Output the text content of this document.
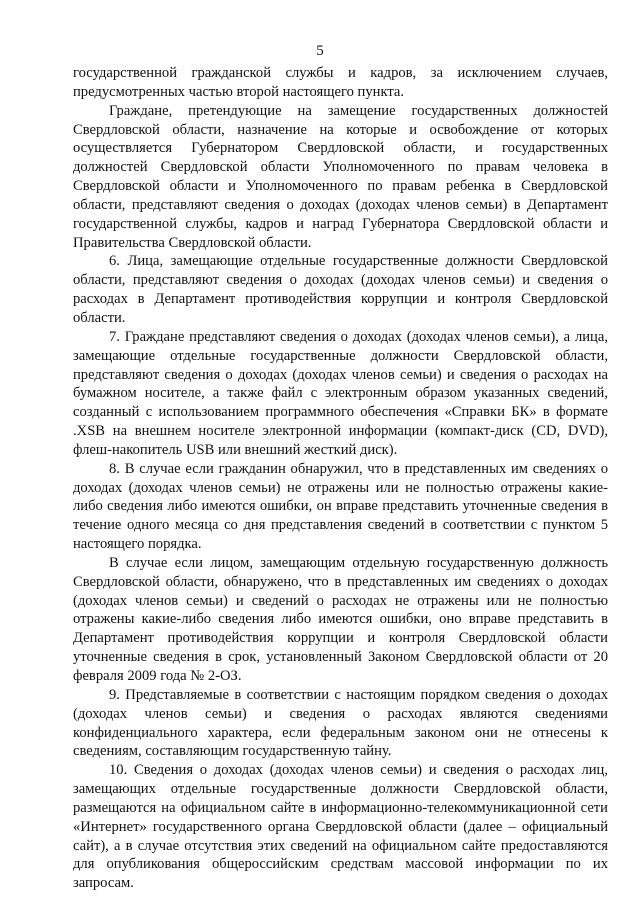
5

государственной гражданской службы и кадров, за исключением случаев, предусмотренных частью второй настоящего пункта.

Граждане, претендующие на замещение государственных должностей Свердловской области, назначение на которые и освобождение от которых осуществляется Губернатором Свердловской области, и государственных должностей Свердловской области Уполномоченного по правам человека в Свердловской области и Уполномоченного по правам ребенка в Свердловской области, представляют сведения о доходах (доходах членов семьи) в Департамент государственной службы, кадров и наград Губернатора Свердловской области и Правительства Свердловской области.

6. Лица, замещающие отдельные государственные должности Свердловской области, представляют сведения о доходах (доходах членов семьи) и сведения о расходах в Департамент противодействия коррупции и контроля Свердловской области.

7. Граждане представляют сведения о доходах (доходах членов семьи), а лица, замещающие отдельные государственные должности Свердловской области, представляют сведения о доходах (доходах членов семьи) и сведения о расходах на бумажном носителе, а также файл с электронным образом указанных сведений, созданный с использованием программного обеспечения «Справки БК» в формате .XSB на внешнем носителе электронной информации (компакт-диск (CD, DVD), флеш-накопитель USB или внешний жесткий диск).

8. В случае если гражданин обнаружил, что в представленных им сведениях о доходах (доходах членов семьи) не отражены или не полностью отражены какие-либо сведения либо имеются ошибки, он вправе представить уточненные сведения в течение одного месяца со дня представления сведений в соответствии с пунктом 5 настоящего порядка.

В случае если лицом, замещающим отдельную государственную должность Свердловской области, обнаружено, что в представленных им сведениях о доходах (доходах членов семьи) и сведений о расходах не отражены или не полностью отражены какие-либо сведения либо имеются ошибки, оно вправе представить в Департамент противодействия коррупции и контроля Свердловской области уточненные сведения в срок, установленный Законом Свердловской области от 20 февраля 2009 года № 2-ОЗ.

9. Представляемые в соответствии с настоящим порядком сведения о доходах (доходах членов семьи) и сведения о расходах являются сведениями конфиденциального характера, если федеральным законом они не отнесены к сведениям, составляющим государственную тайну.

10. Сведения о доходах (доходах членов семьи) и сведения о расходах лиц, замещающих отдельные государственные должности Свердловской области, размещаются на официальном сайте в информационно-телекоммуникационной сети «Интернет» государственного органа Свердловской области (далее – официальный сайт), а в случае отсутствия этих сведений на официальном сайте предоставляются для опубликования общероссийским средствам массовой информации по их запросам.
